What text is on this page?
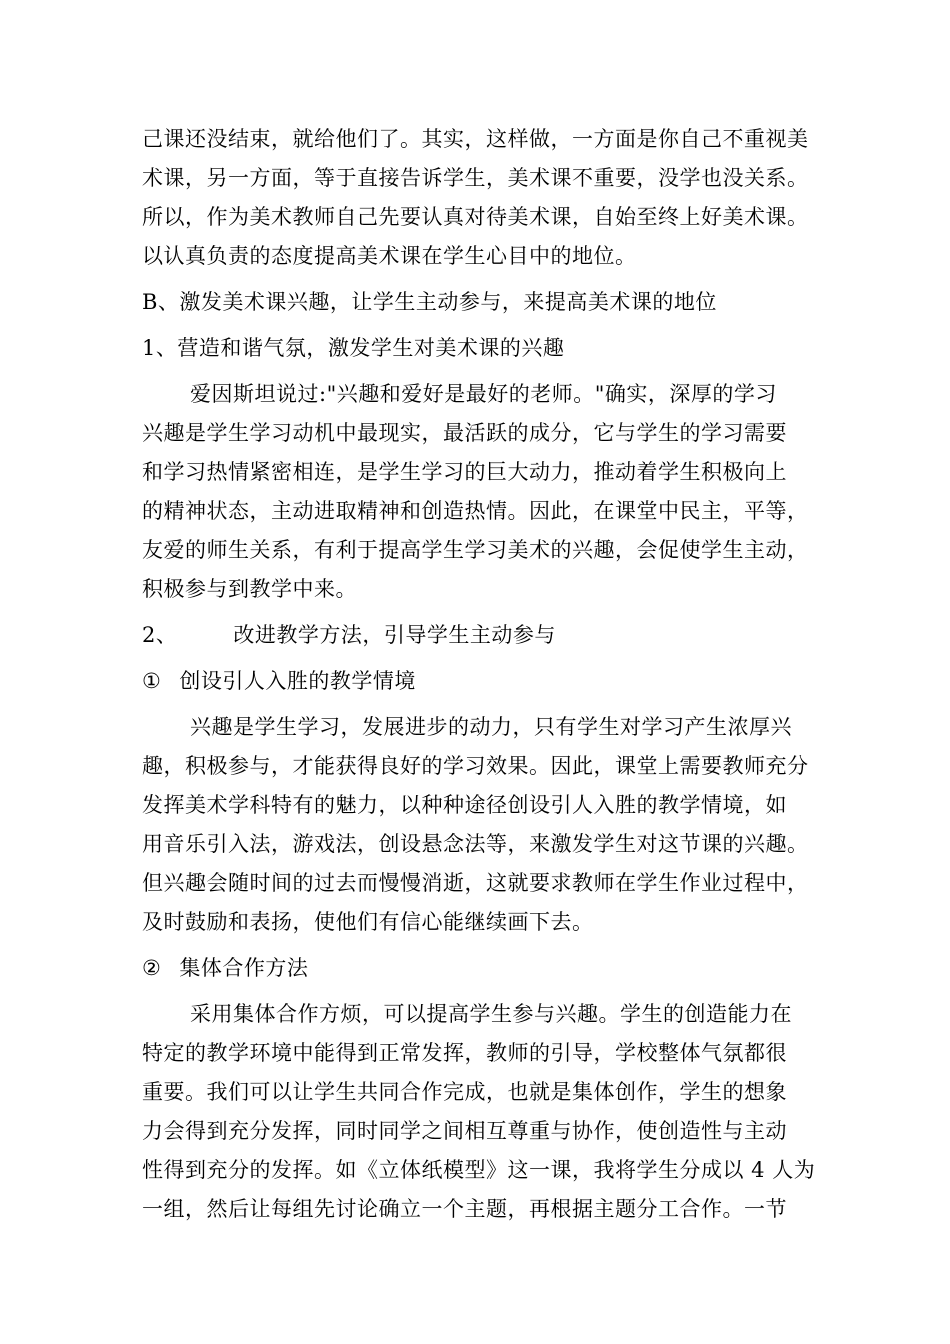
己课还没结束，就给他们了。其实，这样做，一方面是你自己不重视美
术课，另一方面，等于直接告诉学生，美术课不重要，没学也没关系。
所以，作为美术教师自己先要认真对待美术课，自始至终上好美术课。
以认真负责的态度提高美术课在学生心目中的地位。
B、激发美术课兴趣，让学生主动参与，来提高美术课的地位
1、营造和谐气氛，激发学生对美术课的兴趣
爱因斯坦说过:"兴趣和爱好是最好的老师。"确实，深厚的学习
兴趣是学生学习动机中最现实，最活跃的成分，它与学生的学习需要
和学习热情紧密相连，是学生学习的巨大动力，推动着学生积极向上
的精神状态，主动进取精神和创造热情。因此，在课堂中民主，平等，
友爱的师生关系，有利于提高学生学习美术的兴趣，会促使学生主动，
积极参与到教学中来。
2、	改进教学方法，引导学生主动参与
① 创设引人入胜的教学情境
兴趣是学生学习，发展进步的动力，只有学生对学习产生浓厚兴
趣，积极参与，才能获得良好的学习效果。因此，课堂上需要教师充分
发挥美术学科特有的魅力，以种种途径创设引人入胜的教学情境，如
用音乐引入法，游戏法，创设悬念法等，来激发学生对这节课的兴趣。
但兴趣会随时间的过去而慢慢消逝，这就要求教师在学生作业过程中，
及时鼓励和表扬，使他们有信心能继续画下去。
② 集体合作方法
采用集体合作方烦，可以提高学生参与兴趣。学生的创造能力在
特定的教学环境中能得到正常发挥，教师的引导，学校整体气氛都很
重要。我们可以让学生共同合作完成，也就是集体创作，学生的想象
力会得到充分发挥，同时同学之间相互尊重与协作，使创造性与主动
性得到充分的发挥。如《立体纸模型》这一课，我将学生分成以 4 人为
一组，然后让每组先讨论确立一个主题，再根据主题分工合作。一节
